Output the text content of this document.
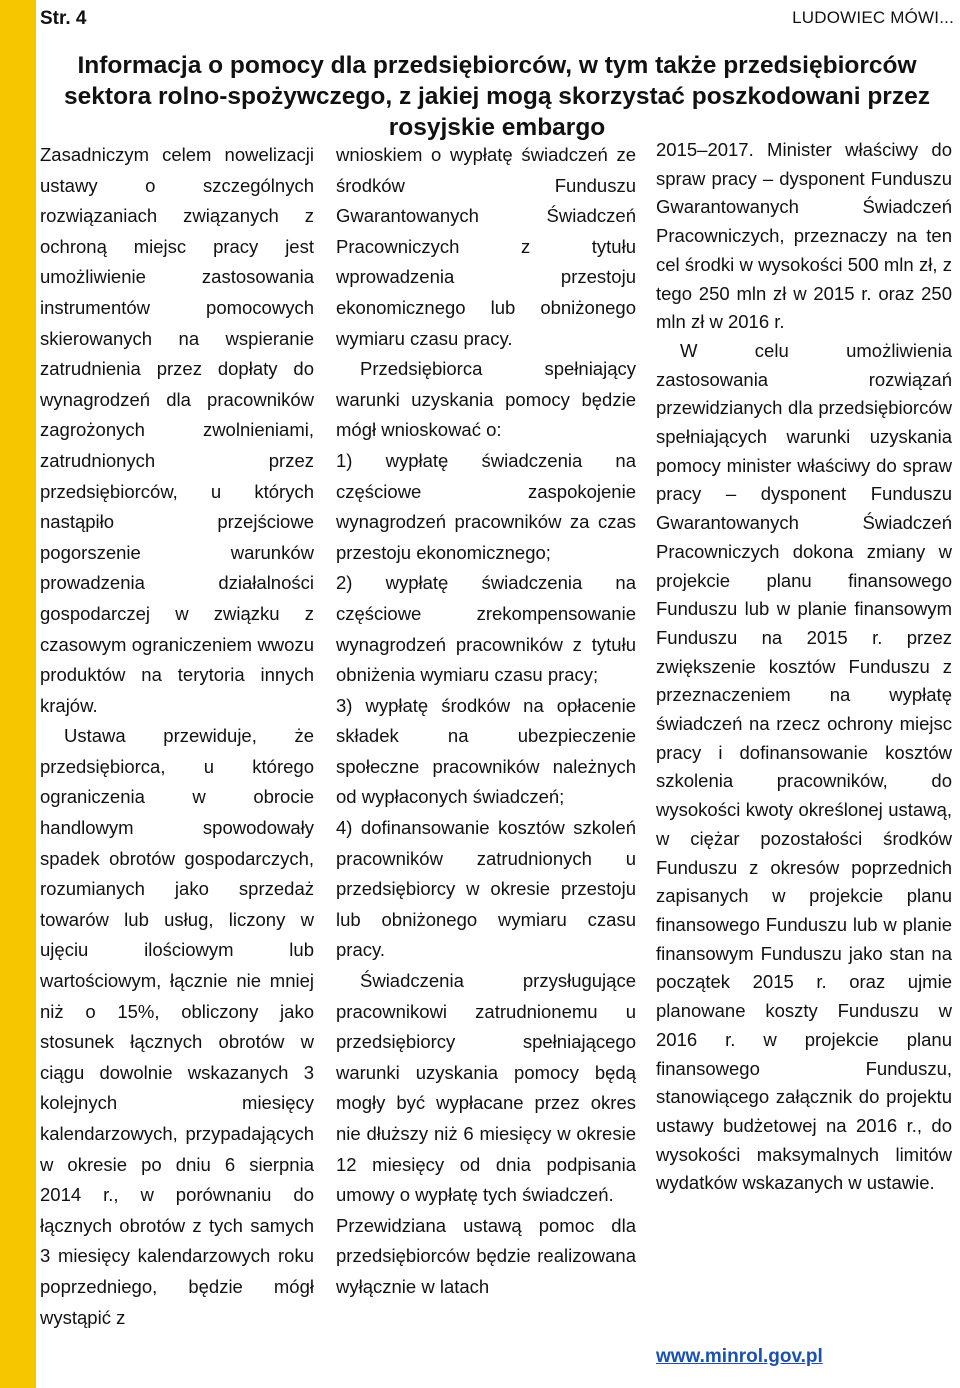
Str. 4	LUDOWIEC MÓWI...
Informacja o pomocy dla przedsiębiorców, w tym także przedsiębiorców sektora rolno-spożywczego, z jakiej mogą skorzystać poszkodowani przez rosyjskie embargo

Zasadniczym celem nowelizacji ustawy o szczególnych rozwiązaniach związanych z ochroną miejsc pracy jest umożliwienie zastosowania instrumentów pomocowych skierowanych na wspieranie zatrudnienia przez dopłaty do wynagrodzeń dla pracowników zagrożonych zwolnieniami, zatrudnionych przez przedsiębiorców, u których nastąpiło przejściowe pogorszenie warunków prowadzenia działalności gospodarczej w związku z czasowym ograniczeniem wwozu produktów na terytoria innych krajów.

Ustawa przewiduje, że przedsiębiorca, u którego ograniczenia w obrocie handlowym spowodowały spadek obrotów gospodarczych, rozumianych jako sprzedaż towarów lub usług, liczony w ujęciu ilościowym lub wartościowym, łącznie nie mniej niż o 15%, obliczony jako stosunek łącznych obrotów w ciągu dowolnie wskazanych 3 kolejnych miesięcy kalendarzowych, przypadających w okresie po dniu 6 sierpnia 2014 r., w porównaniu do łącznych obrotów z tych samych 3 miesięcy kalendarzowych roku poprzedniego, będzie mógł wystąpić z

wnioskiem o wypłatę świadczeń ze środków Funduszu Gwarantowanych Świadczeń Pracowniczych z tytułu wprowadzenia przestoju ekonomicznego lub obniżonego wymiaru czasu pracy.

Przedsiębiorca spełniający warunki uzyskania pomocy będzie mógł wnioskować o:

1) wypłatę świadczenia na częściowe zaspokojenie wynagrodzeń pracowników za czas przestoju ekonomicznego;

2) wypłatę świadczenia na częściowe zrekompensowanie wynagrodzeń pracowników z tytułu obniżenia wymiaru czasu pracy;

3) wypłatę środków na opłacenie składek na ubezpieczenie społeczne pracowników należnych od wypłaconych świadczeń;

4) dofinansowanie kosztów szkoleń pracowników zatrudnionych u przedsiębiorcy w okresie przestoju lub obniżonego wymiaru czasu pracy.

Świadczenia przysługujące pracownikowi zatrudnionemu u przedsiębiorcy spełniającego warunki uzyskania pomocy będą mogły być wypłacane przez okres nie dłuższy niż 6 miesięcy w okresie 12 miesięcy od dnia podpisania umowy o wypłatę tych świadczeń.

Przewidziana ustawą pomoc dla przedsiębiorców będzie realizowana wyłącznie w latach

2015–2017. Minister właściwy do spraw pracy – dysponent Funduszu Gwarantowanych Świadczeń Pracowniczych, przeznaczy na ten cel środki w wysokości 500 mln zł, z tego 250 mln zł w 2015 r. oraz 250 mln zł w 2016 r.

W celu umożliwienia zastosowania rozwiązań przewidzianych dla przedsiębiorców spełniających warunki uzyskania pomocy minister właściwy do spraw pracy – dysponent Funduszu Gwarantowanych Świadczeń Pracowniczych dokona zmiany w projekcie planu finansowego Funduszu lub w planie finansowym Funduszu na 2015 r. przez zwiększenie kosztów Funduszu z przeznaczeniem na wypłatę świadczeń na rzecz ochrony miejsc pracy i dofinansowanie kosztów szkolenia pracowników, do wysokości kwoty określonej ustawą, w ciężar pozostałości środków Funduszu z okresów poprzednich zapisanych w projekcie planu finansowego Funduszu lub w planie finansowym Funduszu jako stan na początek 2015 r. oraz ujmie planowane koszty Funduszu w 2016 r. w projekcie planu finansowego Funduszu, stanowiącego załącznik do projektu ustawy budżetowej na 2016 r., do wysokości maksymalnych limitów wydatków wskazanych w ustawie.

www.minrol.gov.pl
